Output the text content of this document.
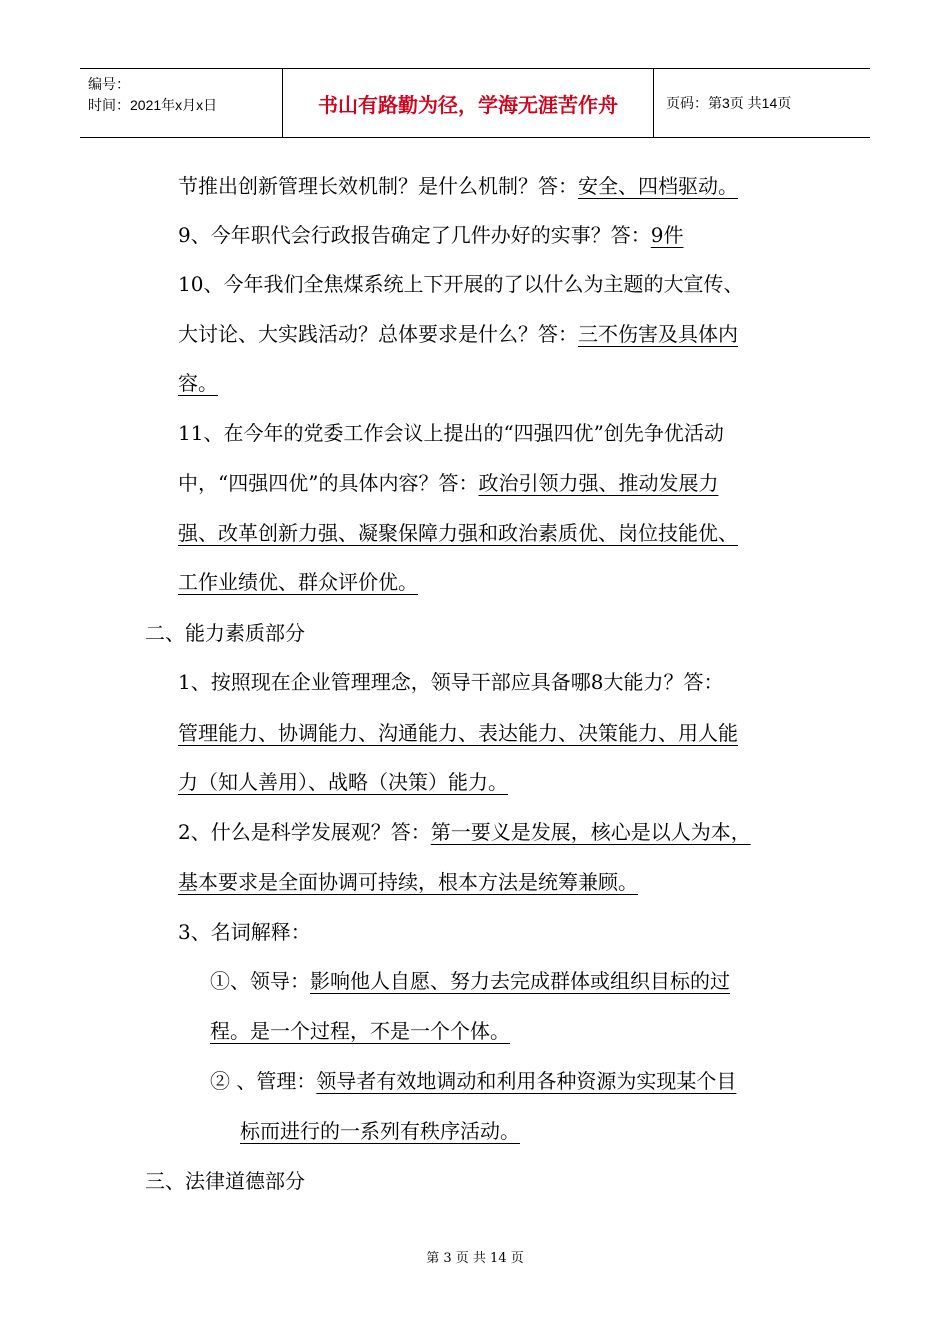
编号：
时间：2021年x月x日	书山有路勤为径，学海无涯苦作舟	页码：第3页 共14页
节推出创新管理长效机制？是什么机制？答：安全、四档驱动。
9、今年职代会行政报告确定了几件办好的实事？答：9件
10、今年我们全焦煤系统上下开展的了以什么为主题的大宣传、
大讨论、大实践活动？总体要求是什么？答：三不伤害及具体内
容。
11、在今年的党委工作会议上提出的“四强四优”创先争优活动
中，“四强四优”的具体内容？答：政治引领力强、推动发展力
强、改革创新力强、凝聚保障力强和政治素质优、岗位技能优、
工作业绩优、群众评价优。
二、能力素质部分
1、按照现在企业管理理念，领导干部应具备哪8大能力？答：
管理能力、协调能力、沟通能力、表达能力、决策能力、用人能
力（知人善用）、战略（决策）能力。
2、什么是科学发展观？答：第一要义是发展，核心是以人为本，
基本要求是全面协调可持续，根本方法是统筹兼顾。
3、名词解释：
①、领导：影响他人自愿、努力去完成群体或组织目标的过
程。是一个过程，不是一个个体。
② 、管理：领导者有效地调动和利用各种资源为实现某个目
标而进行的一系列有秩序活动。
三、法律道德部分
第 3 页 共 14 页
